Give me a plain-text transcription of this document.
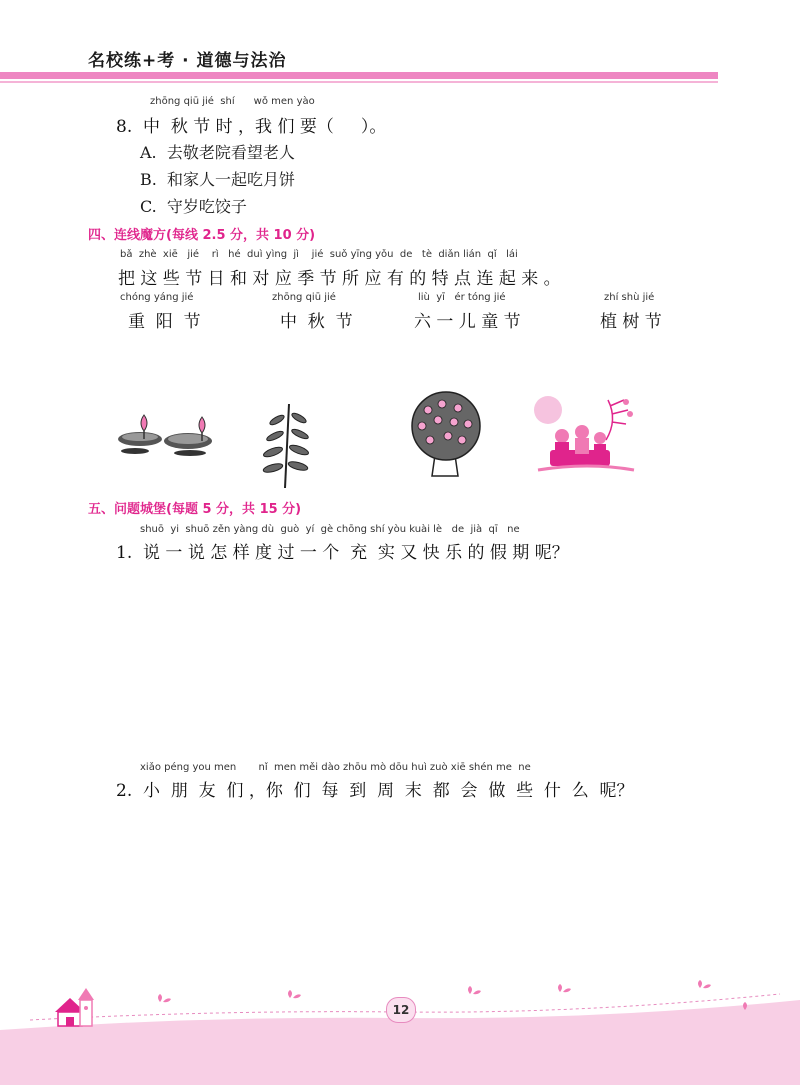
名校练+考 · 道德与法治
zhōng qiū jié  shí      wǒ men yào
8.  中  秋 节 时 ，我 们 要（     ）。
A.  去敬老院看望老人
B.  和家人一起吃月饼
C.  守岁吃饺子
四、连线魔方(每线 2.5 分，共 10 分)
bǎ  zhè  xiē   jié    rì   hé  duì yìng  jì    jié  suǒ yīng yǒu  de   tè  diǎn lián  qǐ   lái
把 这 些 节 日 和 对 应 季 节 所 应 有 的 特 点 连 起 来 。
chóng yáng jié
重  阳  节
zhōng qiū jié
中  秋  节
liù  yī   ér tóng jié
六 一 儿 童 节
zhí shù jié
植 树 节
五、问题城堡(每题 5 分，共 15 分)
shuō  yi  shuō zěn yàng dù  guò  yí  gè chōng shí yòu kuài lè   de  jià  qī   ne
1.  说 一 说 怎 样 度 过 一 个  充  实 又 快 乐 的 假 期 呢？
xiǎo péng you men       nǐ  men měi dào zhōu mò dōu huì zuò xiē shén me  ne
2.  小  朋  友  们 ，你  们  每  到  周  末  都  会  做  些  什  么  呢？
12
